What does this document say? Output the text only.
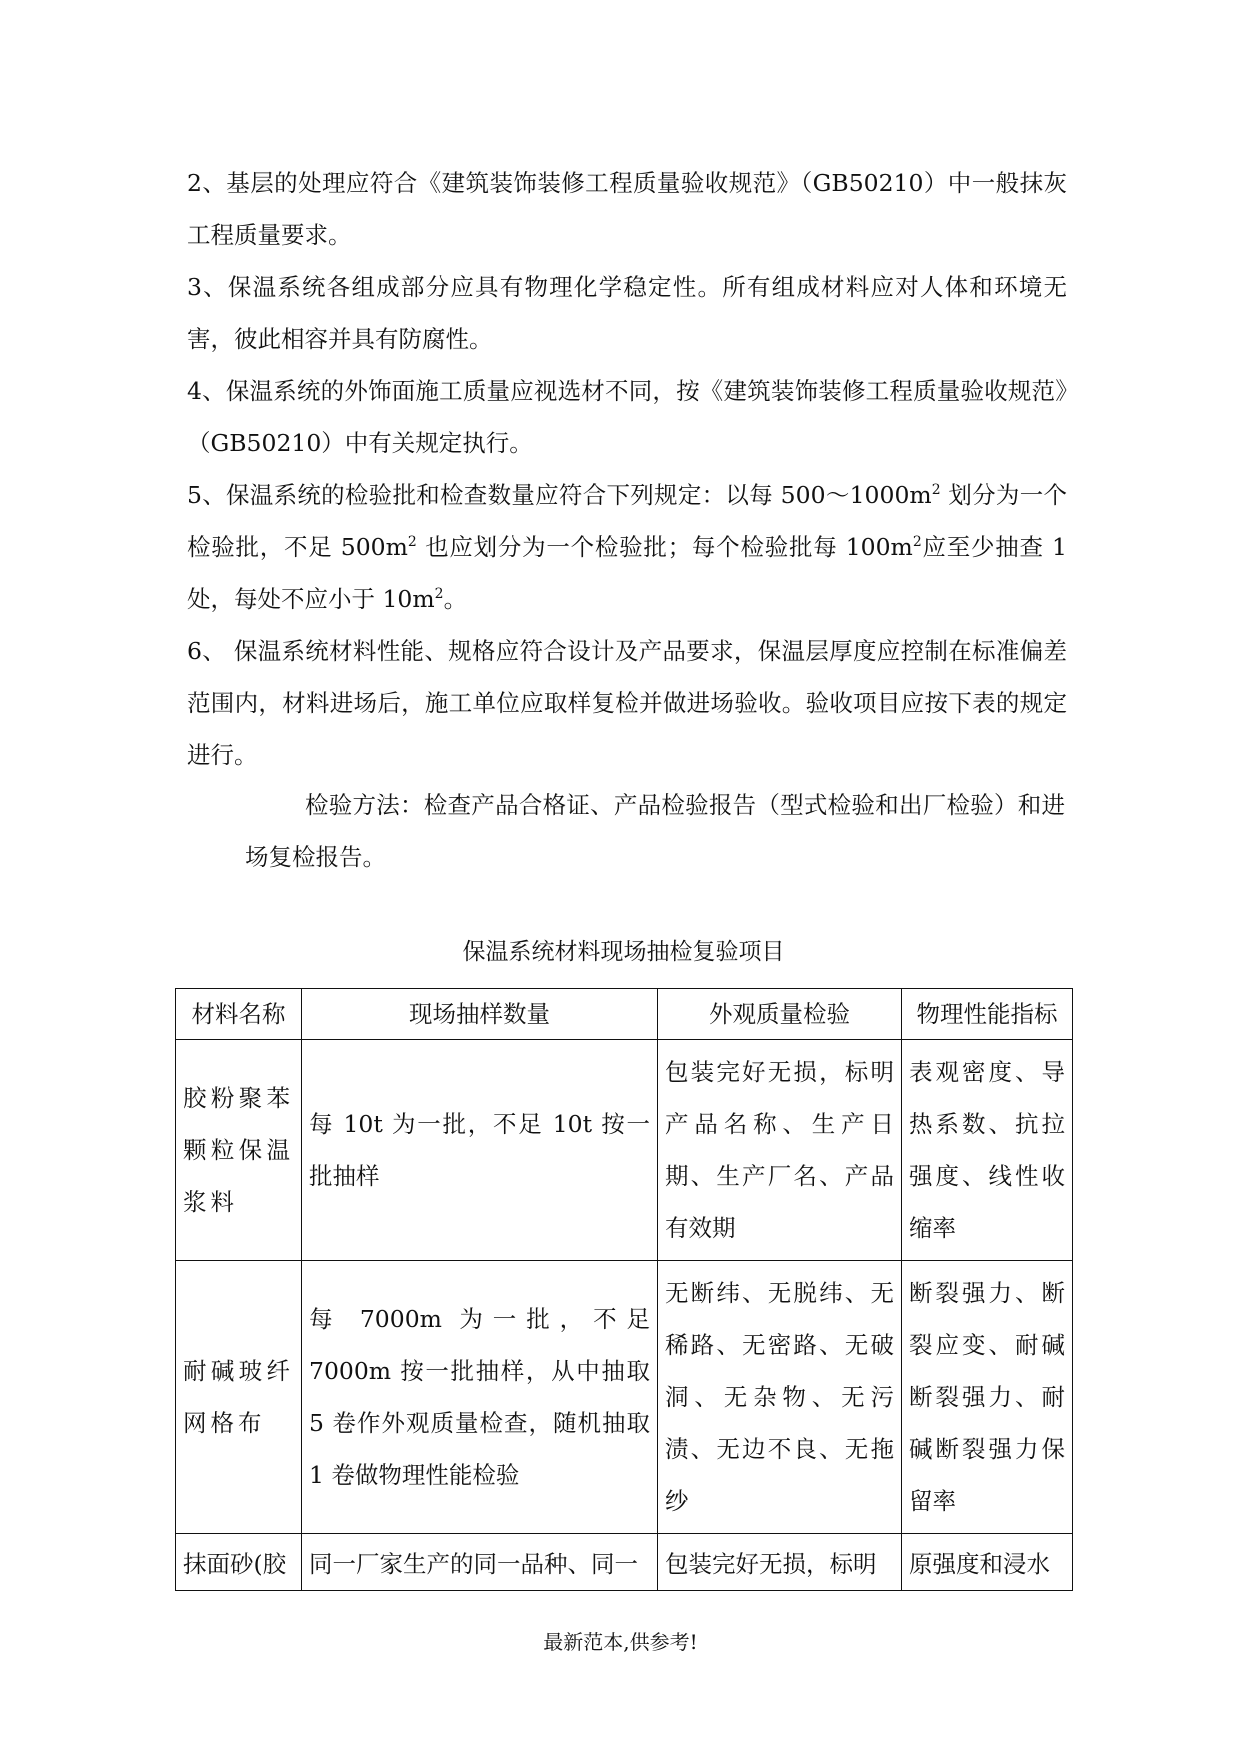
2、基层的处理应符合《建筑装饰装修工程质量验收规范》（GB50210）中一般抹灰工程质量要求。

3、保温系统各组成部分应具有物理化学稳定性。所有组成材料应对人体和环境无害，彼此相容并具有防腐性。

4、保温系统的外饰面施工质量应视选材不同，按《建筑装饰装修工程质量验收规范》（GB50210）中有关规定执行。

5、保温系统的检验批和检查数量应符合下列规定：以每 $500\sim 1000m^2$ 划分为一个检验批，不足 $500m^2$ 也应划分为一个检验批；每个检验批每 $100m^2$应至少抽查 1 处，每处不应小于 $10m^2$。

6、 保温系统材料性能、规格应符合设计及产品要求，保温层厚度应控制在标准偏差范围内，材料进场后，施工单位应取样复检并做进场验收。验收项目应按下表的规定进行。

检验方法：检查产品合格证、产品检验报告（型式检验和出厂检验）和进场复检报告。

保温系统材料现场抽检复验项目
材料名称	现场抽样数量	外观质量检验	物理性能指标
胶粉聚苯颗粒保温浆料	每 10t 为一批，不足 10t 按一批抽样	包装完好无损，标明产品名称、生产日期、生产厂名、产品有效期	表观密度、导热系数、抗拉强度、线性收缩率
耐碱玻纤网格布	每 7000m 为一批，不足 7000m 按一批抽样，从中抽取 5 卷作外观质量检查，随机抽取 1 卷做物理性能检验	无断纬、无脱纬、无稀路、无密路、无破洞、无杂物、无污渍、无边不良、无拖纱	断裂强力、断裂应变、耐碱断裂强力、耐碱断裂强力保留率
抹面砂(胶	同一厂家生产的同一品种、同一	包装完好无损，标明	原强度和浸水
最新范本,供参考!
